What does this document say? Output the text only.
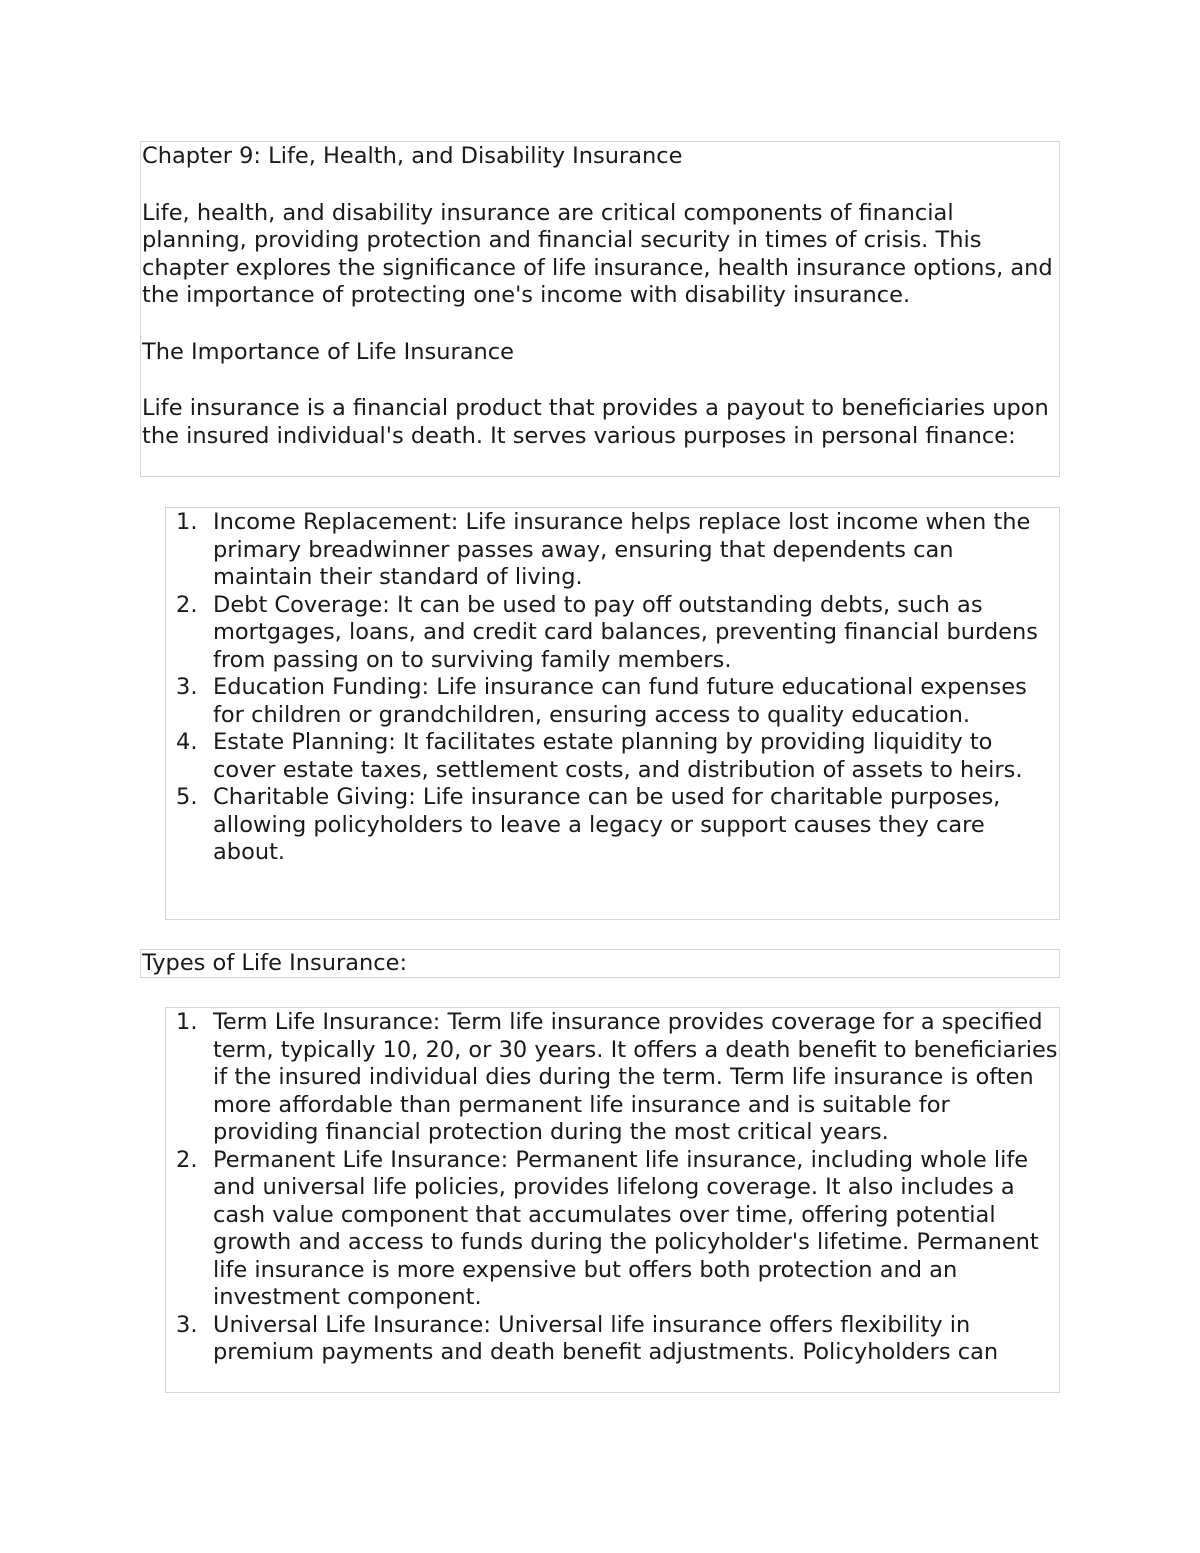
Chapter 9: Life, Health, and Disability Insurance

Life, health, and disability insurance are critical components of financial planning, providing protection and financial security in times of crisis. This chapter explores the significance of life insurance, health insurance options, and the importance of protecting one's income with disability insurance.

The Importance of Life Insurance

Life insurance is a financial product that provides a payout to beneficiaries upon the insured individual's death. It serves various purposes in personal finance:

1. Income Replacement: Life insurance helps replace lost income when the primary breadwinner passes away, ensuring that dependents can maintain their standard of living.
2. Debt Coverage: It can be used to pay off outstanding debts, such as mortgages, loans, and credit card balances, preventing financial burdens from passing on to surviving family members.
3. Education Funding: Life insurance can fund future educational expenses for children or grandchildren, ensuring access to quality education.
4. Estate Planning: It facilitates estate planning by providing liquidity to cover estate taxes, settlement costs, and distribution of assets to heirs.
5. Charitable Giving: Life insurance can be used for charitable purposes, allowing policyholders to leave a legacy or support causes they care about.

Types of Life Insurance:

1. Term Life Insurance: Term life insurance provides coverage for a specified term, typically 10, 20, or 30 years. It offers a death benefit to beneficiaries if the insured individual dies during the term. Term life insurance is often more affordable than permanent life insurance and is suitable for providing financial protection during the most critical years.
2. Permanent Life Insurance: Permanent life insurance, including whole life and universal life policies, provides lifelong coverage. It also includes a cash value component that accumulates over time, offering potential growth and access to funds during the policyholder's lifetime. Permanent life insurance is more expensive but offers both protection and an investment component.
3. Universal Life Insurance: Universal life insurance offers flexibility in premium payments and death benefit adjustments. Policyholders can
